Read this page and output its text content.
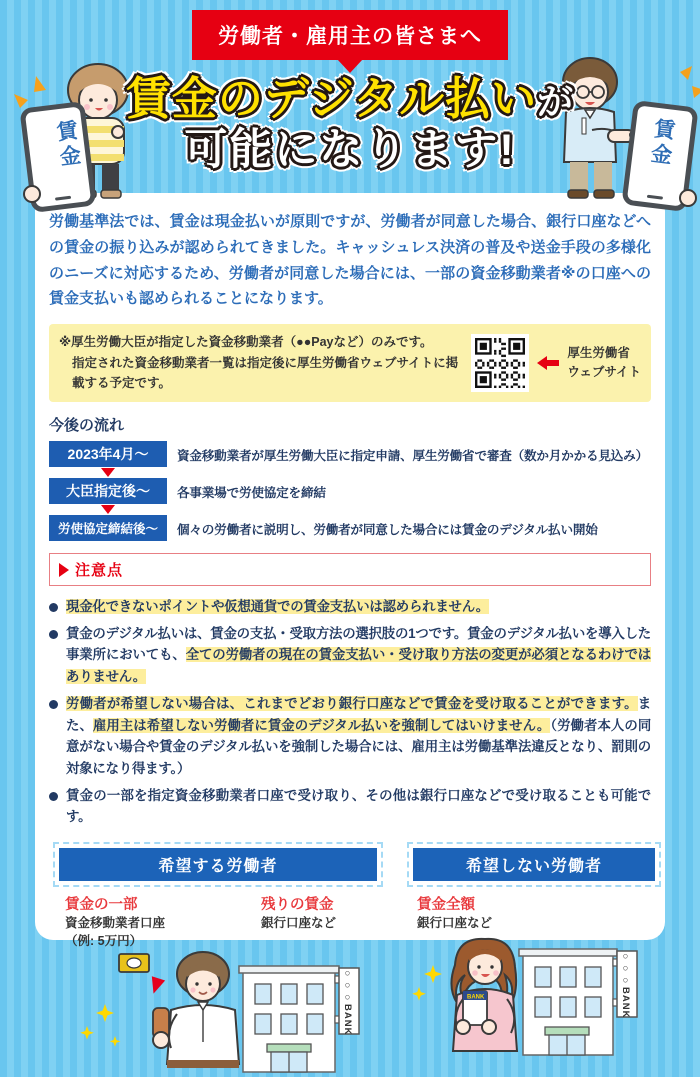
労働者・雇用主の皆さまへ
賃金	賃金
賃金のデジタル払いが
可能になります!

労働基準法では、賃金は現金払いが原則ですが、労働者が同意した場合、銀行口座などへの賃金の振り込みが認められてきました。キャッシュレス決済の普及や送金手段の多様化のニーズに対応するため、労働者が同意した場合には、一部の資金移動業者※の口座への賃金支払いも認められることになります。

※厚生労働大臣が指定した資金移動業者（●●Payなど）のみです。
指定された資金移動業者一覧は指定後に厚生労働省ウェブサイトに掲載する予定です。
厚生労働省
ウェブサイト
今後の流れ
2023年4月〜	資金移動業者が厚生労働大臣に指定申請、厚生労働省で審査（数か月かかる見込み）
大臣指定後〜	各事業場で労使協定を締結
労使協定締結後〜	個々の労働者に説明し、労働者が同意した場合には賃金のデジタル払い開始
注意点
現金化できないポイントや仮想通貨での賃金支払いは認められません。
賃金のデジタル払いは、賃金の支払・受取方法の選択肢の1つです。賃金のデジタル払いを導入した事業所においても、全ての労働者の現在の賃金支払い・受け取り方法の変更が必須となるわけではありません。
労働者が希望しない場合は、これまでどおり銀行口座などで賃金を受け取ることができます。また、雇用主は希望しない労働者に賃金のデジタル払いを強制してはいけません。（労働者本人の同意がない場合や賃金のデジタル払いを強制した場合には、雇用主は労働基準法違反となり、罰則の対象になり得ます。）
賃金の一部を指定資金移動業者口座で受け取り、その他は銀行口座などで受け取ることも可能です。
希望する労働者
賃金の一部
資金移動業者口座
（例: 5万円）
残りの賃金
銀行口座など
○○○BANK
希望しない労働者
賃金全額
銀行口座など
BANK	○○○BANK
